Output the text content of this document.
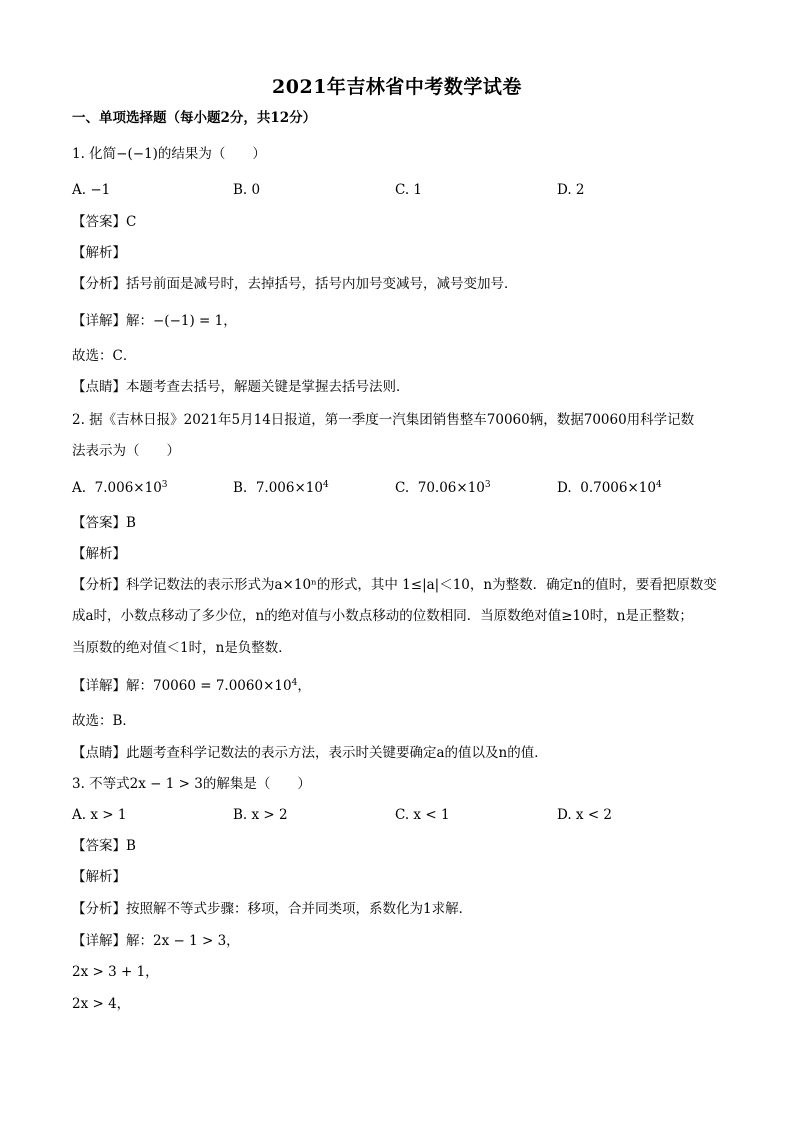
2021年吉林省中考数学试卷
一、单项选择题（每小题2分，共12分）
1. 化简−(−1)的结果为（　　）
A. −1	B. 0	C. 1	D. 2
【答案】C
【解析】
【分析】括号前面是减号时，去掉括号，括号内加号变减号，减号变加号．
【详解】解：−(−1) = 1，
故选：C．
【点睛】本题考查去括号，解题关键是掌握去括号法则．
2. 据《吉林日报》2021年5月14日报道，第一季度一汽集团销售整车70060辆，数据70060用科学记数
法表示为（　　）
A. $7.006\times 10^3$	B. $7.006\times 10^4$	C. $70.06\times 10^3$	D. $0.7006\times 10^4$
【答案】B
【解析】
【分析】科学记数法的表示形式为a×10ⁿ的形式，其中 1≤|a|＜10，n为整数．确定n的值时，要看把原数变
成a时，小数点移动了多少位，n的绝对值与小数点移动的位数相同．当原数绝对值≥10时，n是正整数；
当原数的绝对值＜1时，n是负整数．
【详解】解：$70060 = 7.0060\times 10^4$，
故选：B．
【点睛】此题考查科学记数法的表示方法，表示时关键要确定a的值以及n的值．
3. 不等式2x − 1 > 3的解集是（　　）
A. x > 1	B. x > 2	C. x < 1	D. x < 2
【答案】B
【解析】
【分析】按照解不等式步骤：移项，合并同类项，系数化为1求解．
【详解】解：2x − 1 > 3，
2x > 3 + 1，
2x > 4，
